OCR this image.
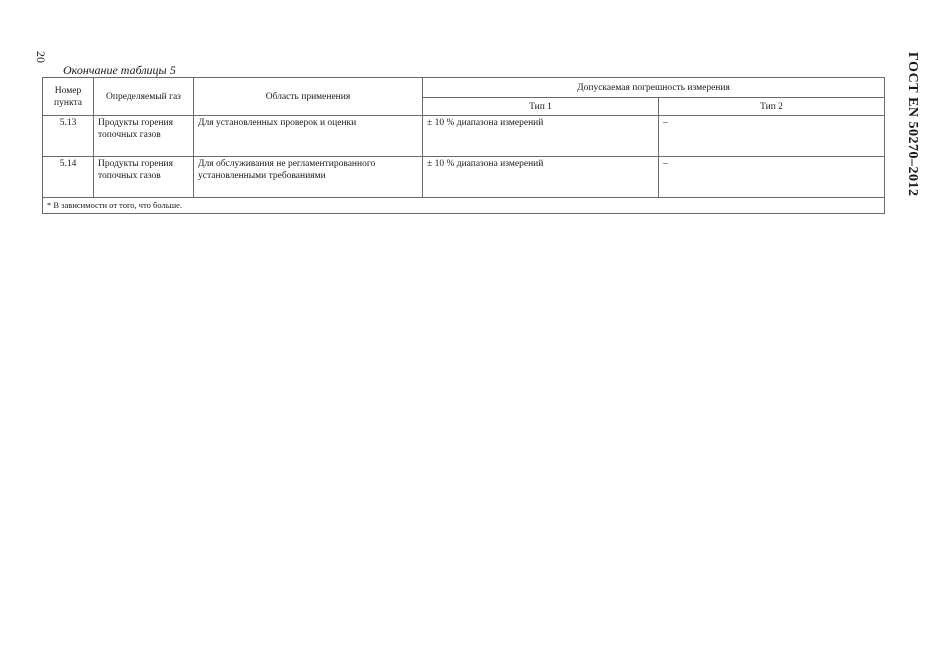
20	ГОСТ EN 50270–2012
Окончание таблицы 5
Номер пункта	Определяемый газ	Область применения	Допускаемая погрешность измерения	
			Тип 1	Тип 2
5.13	Продукты горения топочных газов	Для установленных проверок и оценки	± 10 % диапазона измерений	–
5.14	Продукты горения топочных газов	Для обслуживания не регламентированного установленными требованиями	± 10 % диапазона измерений	–
* В зависимости от того, что больше.				
